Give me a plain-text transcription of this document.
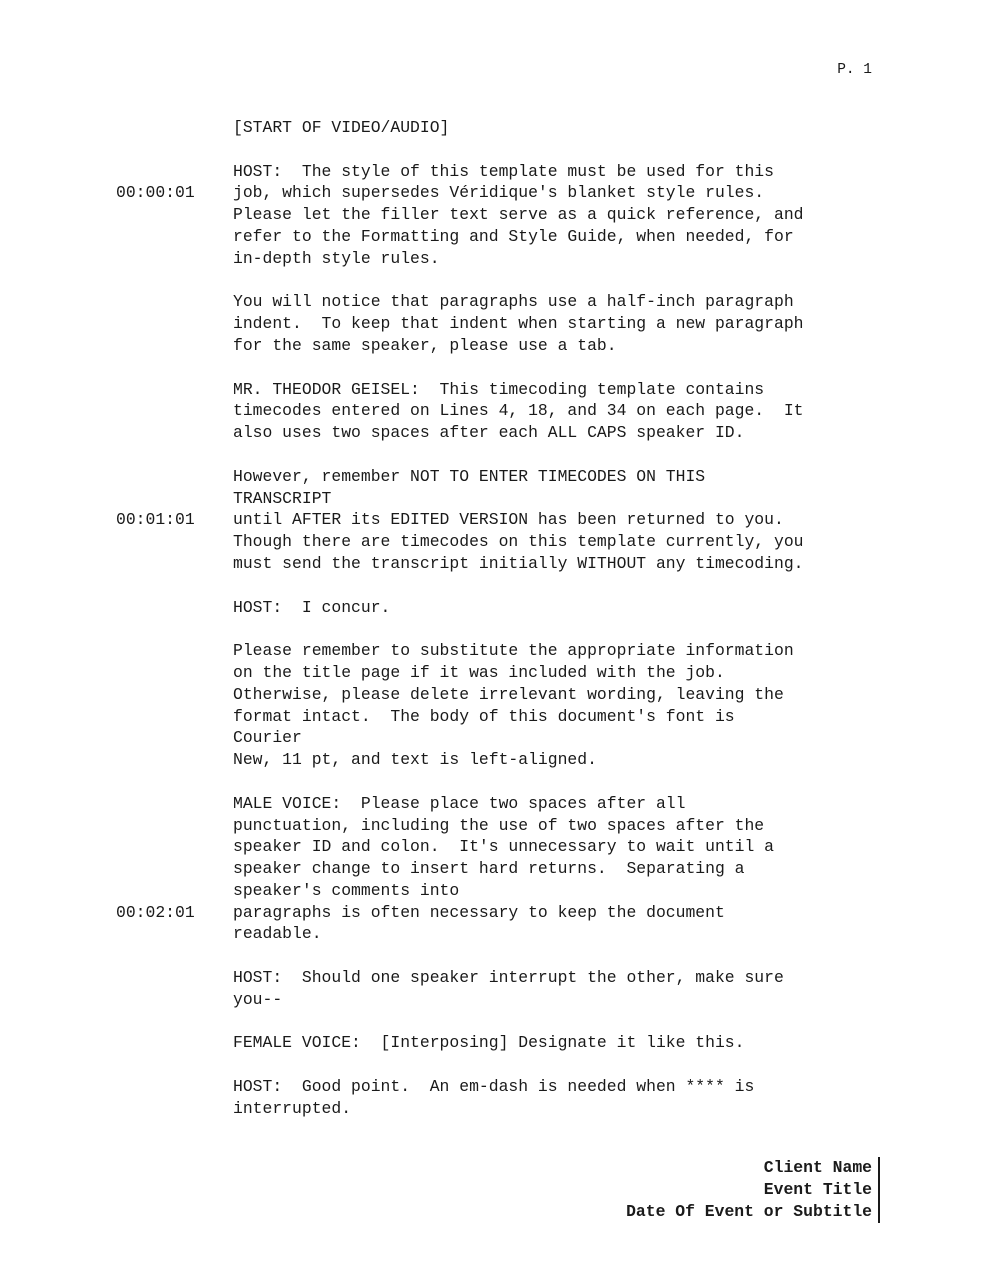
P. 1
[START OF VIDEO/AUDIO]
HOST:  The style of this template must be used for this
00:00:01 job, which supersedes Véridique's blanket style rules.
Please let the filler text serve as a quick reference, and
refer to the Formatting and Style Guide, when needed, for
in-depth style rules.
You will notice that paragraphs use a half-inch paragraph
indent.  To keep that indent when starting a new paragraph
for the same speaker, please use a tab.
MR. THEODOR GEISEL:  This timecoding template contains
timecodes entered on Lines 4, 18, and 34 on each page.  It
also uses two spaces after each ALL CAPS speaker ID.
However, remember NOT TO ENTER TIMECODES ON THIS
TRANSCRIPT
00:01:01 until AFTER its EDITED VERSION has been returned to you.
Though there are timecodes on this template currently, you
must send the transcript initially WITHOUT any timecoding.
HOST:  I concur.
Please remember to substitute the appropriate information
on the title page if it was included with the job.
Otherwise, please delete irrelevant wording, leaving the
format intact.  The body of this document's font is
Courier
New, 11 pt, and text is left-aligned.
MALE VOICE:  Please place two spaces after all
punctuation, including the use of two spaces after the
speaker ID and colon.  It's unnecessary to wait until a
speaker change to insert hard returns.  Separating a
speaker's comments into
00:02:01 paragraphs is often necessary to keep the document
readable.
HOST:  Should one speaker interrupt the other, make sure
you--
FEMALE VOICE:  [Interposing] Designate it like this.
HOST:  Good point.  An em-dash is needed when **** is
interrupted.
Client Name
Event Title
Date Of Event or Subtitle
